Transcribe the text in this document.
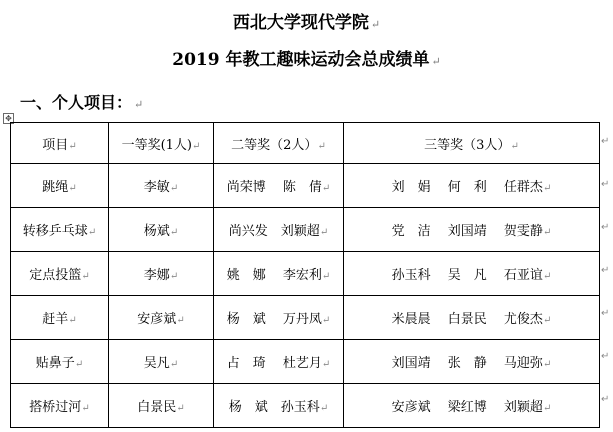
西北大学现代学院 ↵
2019 年教工趣味运动会总成绩单 ↵
一、个人项目： ↵
✥
项目↵	一等奖(1人)↵	二等奖（2人）↵	三等奖（3人）↵
跳绳↵	李敏↵	尚荣博　 陈　倩↵	刘　娟　 何　利　 任群杰↵
转移乒乓球↵	杨斌↵	尚兴发　刘颖超↵	党　洁　 刘国靖　 贺雯静↵
定点投篮↵	李娜↵	姚　娜　 李宏利↵	孙玉科　 吴　凡　 石亚谊↵
赶羊↵	安彦斌↵	杨　斌　 万丹凤↵	米晨晨　 白景民　 尤俊杰↵
贴鼻子↵	吴凡↵	占　琦　 杜艺月↵	刘国靖　 张　静　 马迎弥↵
搭桥过河↵	白景民↵	杨　斌　孙玉科↵	安彦斌　 梁红博　 刘颖超↵
↵
↵
↵
↵
↵
↵
↵
